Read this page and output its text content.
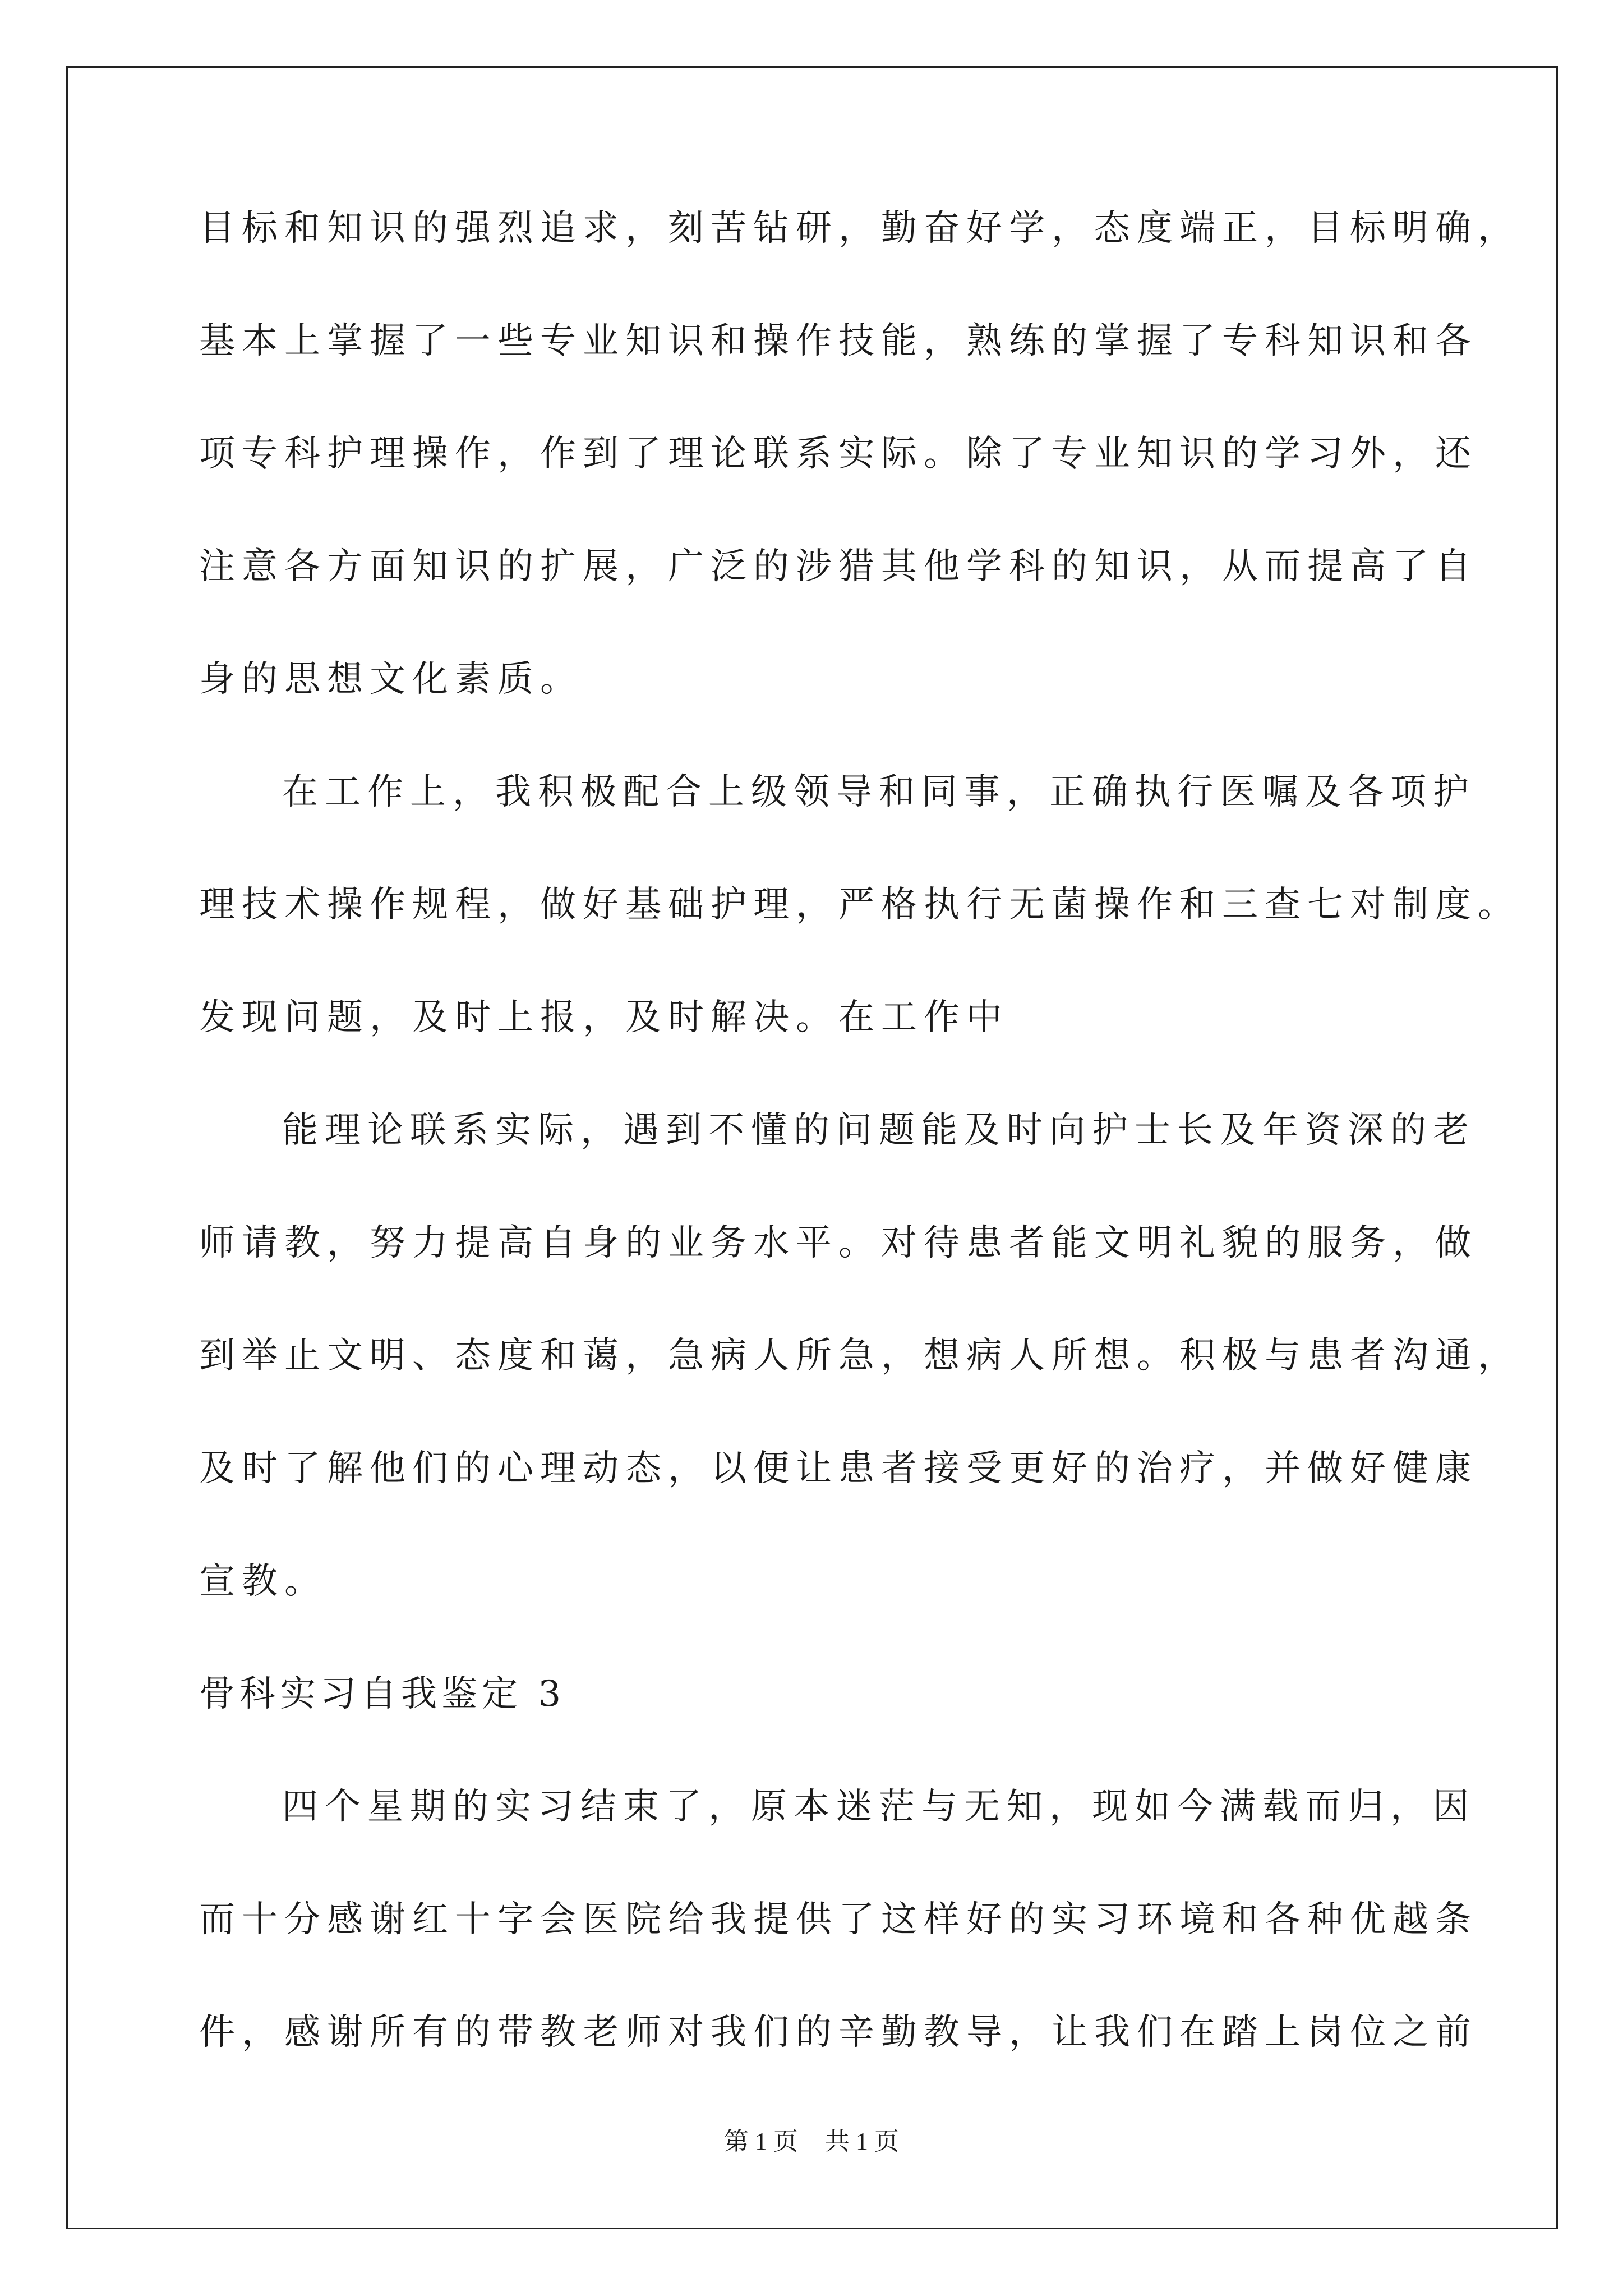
目标和知识的强烈追求，刻苦钻研，勤奋好学，态度端正，目标明确，
基本上掌握了一些专业知识和操作技能，熟练的掌握了专科知识和各
项专科护理操作，作到了理论联系实际。除了专业知识的学习外，还
注意各方面知识的扩展，广泛的涉猎其他学科的知识，从而提高了自
身的思想文化素质。
在工作上，我积极配合上级领导和同事，正确执行医嘱及各项护
理技术操作规程，做好基础护理，严格执行无菌操作和三查七对制度。
发现问题，及时上报，及时解决。在工作中
能理论联系实际，遇到不懂的问题能及时向护士长及年资深的老
师请教，努力提高自身的业务水平。对待患者能文明礼貌的服务，做
到举止文明、态度和蔼，急病人所急，想病人所想。积极与患者沟通，
及时了解他们的心理动态，以便让患者接受更好的治疗，并做好健康
宣教。
骨科实习自我鉴定 3
四个星期的实习结束了，原本迷茫与无知，现如今满载而归，因
而十分感谢红十字会医院给我提供了这样好的实习环境和各种优越条
件，感谢所有的带教老师对我们的辛勤教导，让我们在踏上岗位之前
第 1 页 共 1 页
